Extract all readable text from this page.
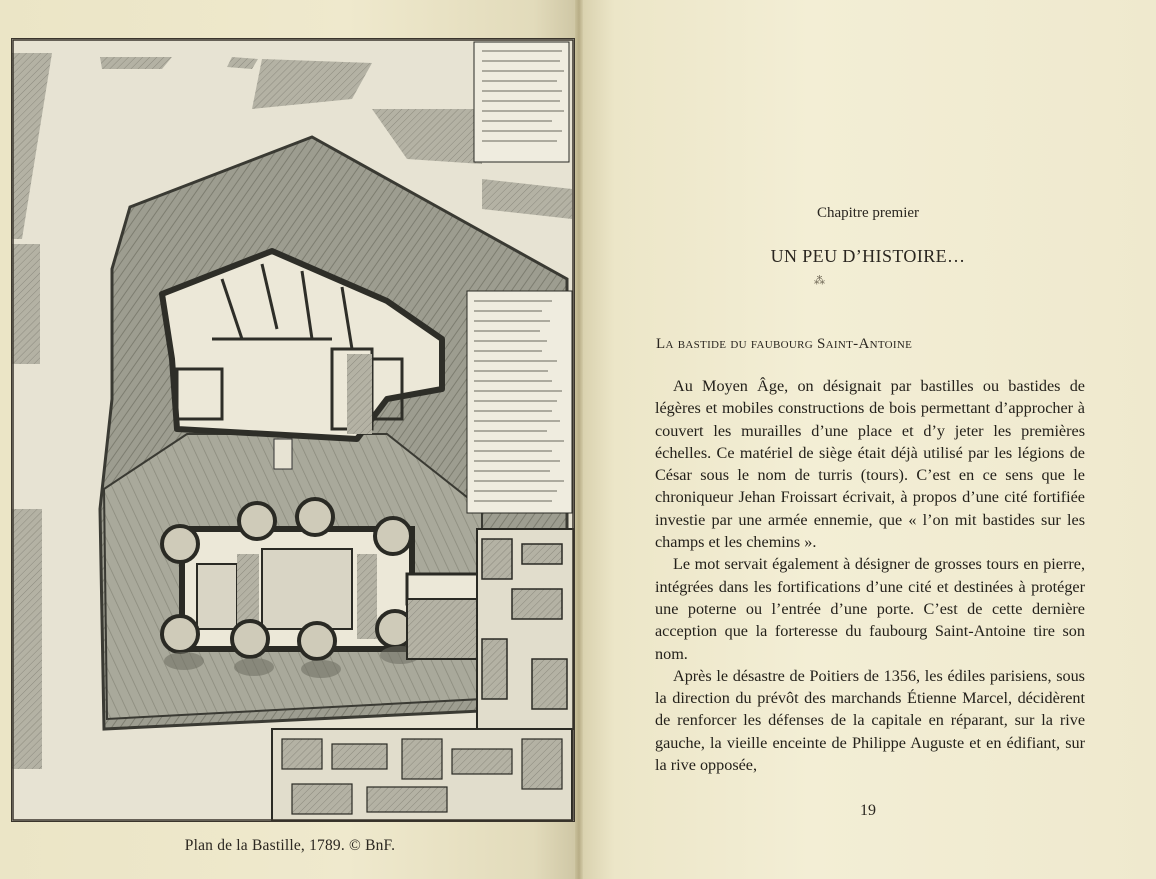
Plan de la Bastille, 1789. © BnF.
Chapitre premier
UN PEU D’HISTOIRE…
⁂
La bastide du faubourg Saint-Antoine

Au Moyen Âge, on désignait par bastilles ou bastides de légères et mobiles constructions de bois permettant d’approcher à couvert les murailles d’une place et d’y jeter les premières échelles. Ce matériel de siège était déjà utilisé par les légions de César sous le nom de turris (tours). C’est en ce sens que le chroniqueur Jehan Froissart écrivait, à propos d’une cité fortifiée investie par une armée ennemie, que « l’on mit bastides sur les champs et les chemins ».

Le mot servait également à désigner de grosses tours en pierre, intégrées dans les fortifications d’une cité et destinées à protéger une poterne ou l’entrée d’une porte. C’est de cette dernière acception que la forteresse du faubourg Saint-Antoine tire son nom.

Après le désastre de Poitiers de 1356, les édiles parisiens, sous la direction du prévôt des marchands Étienne Marcel, décidèrent de renforcer les défenses de la capitale en réparant, sur la rive gauche, la vieille enceinte de Philippe Auguste et en édifiant, sur la rive opposée,

19
